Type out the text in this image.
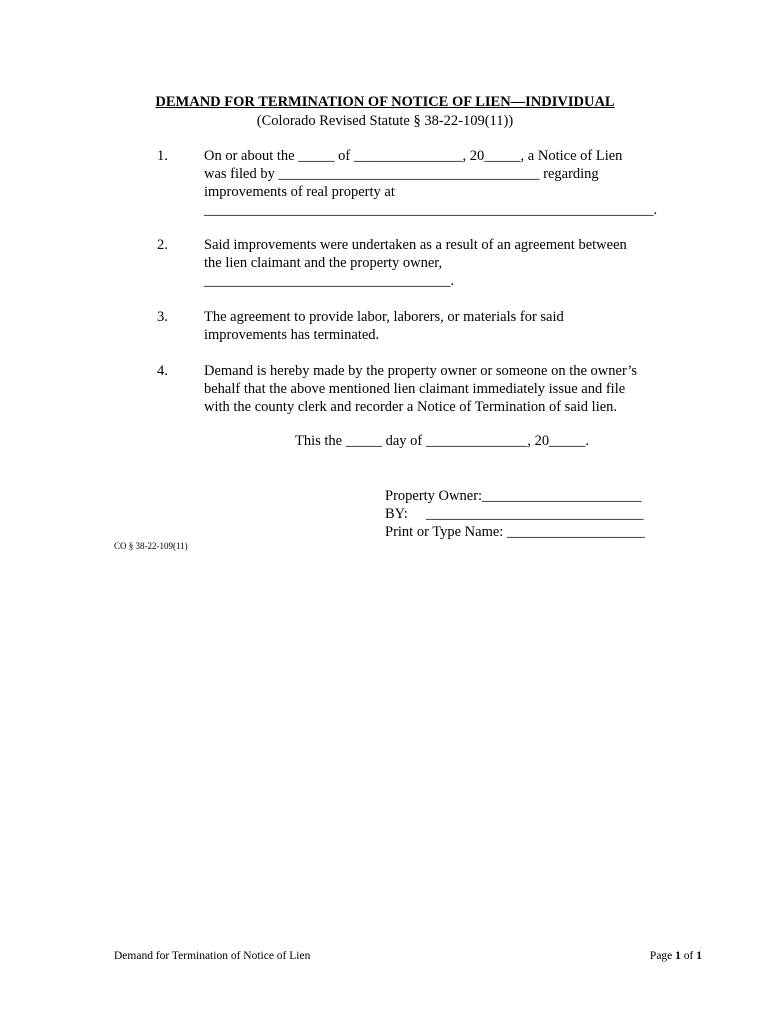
DEMAND FOR TERMINATION OF NOTICE OF LIEN—INDIVIDUAL
(Colorado Revised Statute § 38-22-109(11))
1. On or about the _____ of _______________, 20_____, a Notice of Lien
was filed by ____________________________________ regarding
improvements of real property at
______________________________________________________________.
2. Said improvements were undertaken as a result of an agreement between
the lien claimant and the property owner,
__________________________________.
3. The agreement to provide labor, laborers, or materials for said
improvements has terminated.
4. Demand is hereby made by the property owner or someone on the owner’s
behalf that the above mentioned lien claimant immediately issue and file
with the county clerk and recorder a Notice of Termination of said lien.
This the _____ day of ______________, 20_____.
Property Owner:______________________
BY:     ______________________________
Print or Type Name: ___________________
CO § 38-22-109(11)
Demand for Termination of Notice of Lien	Page 1 of 1
